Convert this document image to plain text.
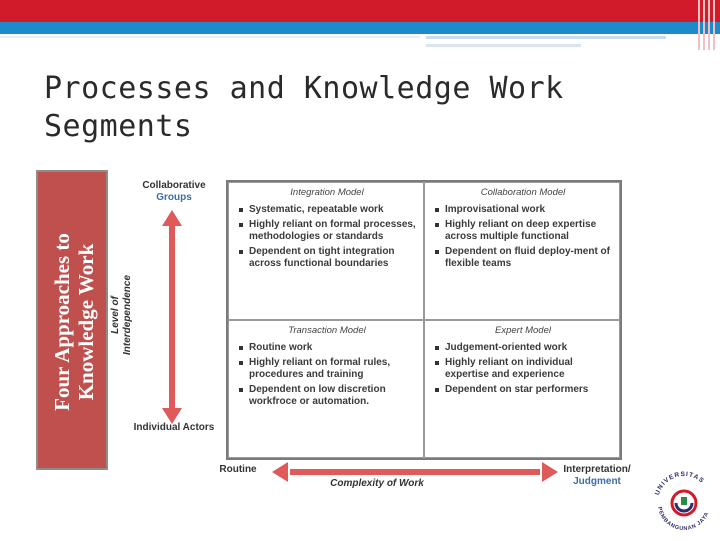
Processes and Knowledge Work Segments
Four Approaches to Knowledge Work
Collaborative
Groups
Individual Actors
Level of Interdependence
Routine	Interpretation/
Judgment
Complexity of Work
Integration Model
Systematic, repeatable work
Highly reliant on formal processes, methodologies or standards
Dependent on tight integration across functional boundaries
Collaboration Model
Improvisational work
Highly reliant on deep expertise across multiple functional
Dependent on fluid deploy-ment of flexible teams
Transaction Model
Routine work
Highly reliant on formal rules, procedures and training
Dependent on low discretion workfroce or automation.
Expert Model
Judgement-oriented work
Highly reliant on individual expertise and experience
Dependent on star performers
UNIVERSITAS
PEMBANGUNAN JAYA
